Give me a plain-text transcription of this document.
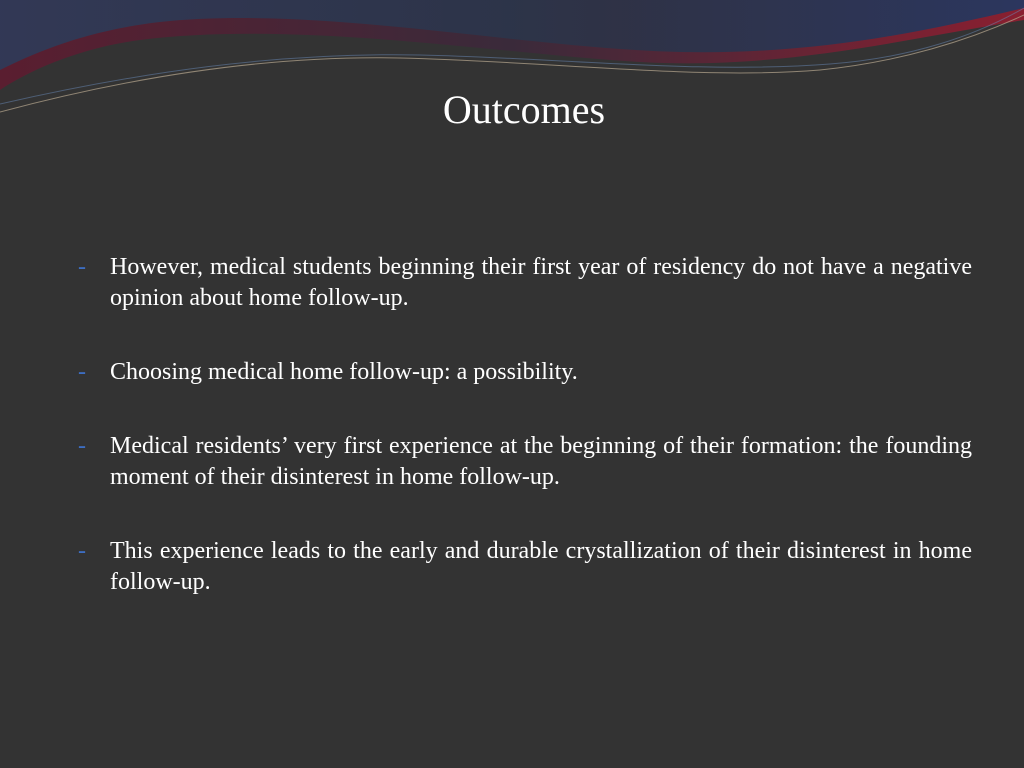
Outcomes
- However, medical students beginning their first year of residency do not have a negative opinion about home follow-up.
- Choosing medical home follow-up: a possibility.
- Medical residents’ very first experience at the beginning of their formation: the founding moment of their disinterest in home follow-up.
- This experience leads to the early and durable crystallization of their disinterest in home follow-up.
